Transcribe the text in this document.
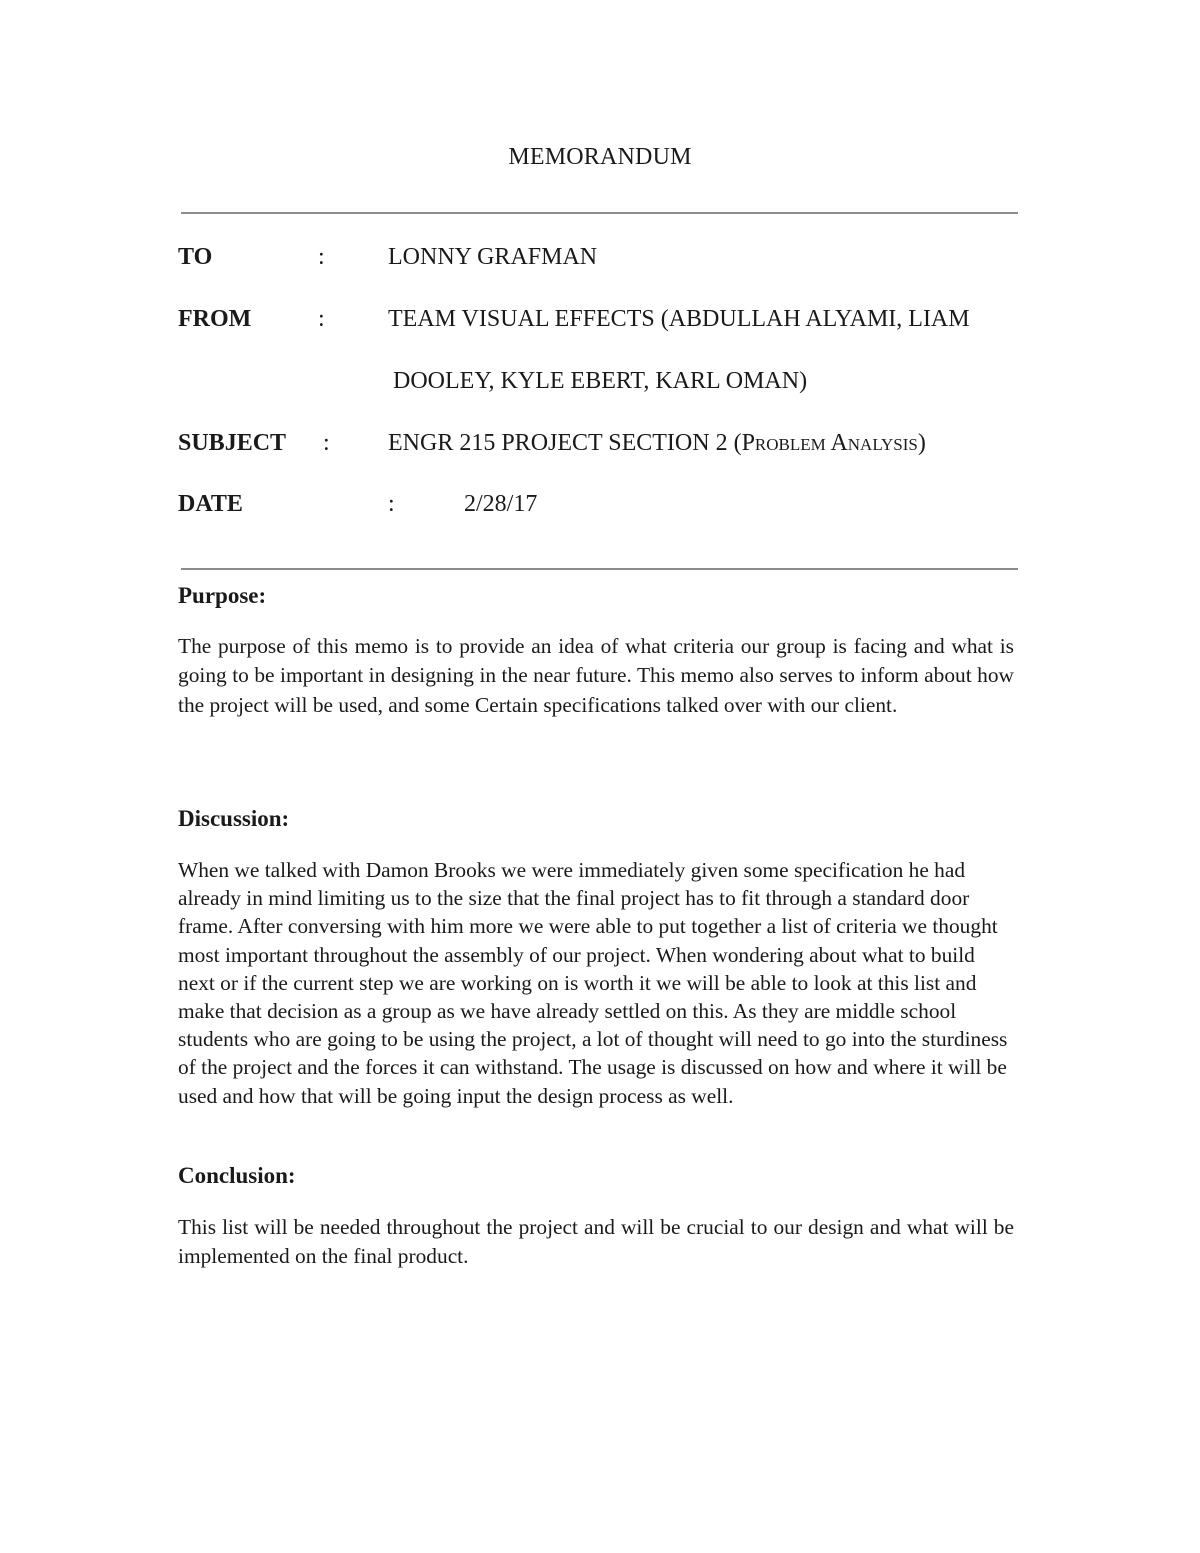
MEMORANDUM
TO	:	LONNY GRAFMAN
FROM	:	TEAM VISUAL EFFECTS (ABDULLAH ALYAMI, LIAM
DOOLEY, KYLE EBERT, KARL OMAN)
SUBJECT : ENGR 215 PROJECT SECTION 2 (Problem Analysis)
DATE	:	2/28/17
Purpose:

The purpose of this memo is to provide an idea of what criteria our group is facing and what is going to be important in designing in the near future. This memo also serves to inform about how the project will be used, and some Certain specifications talked over with our client.

Discussion:

When we talked with Damon Brooks we were immediately given some specification he had already in mind limiting us to the size that the final project has to fit through a standard door frame. After conversing with him more we were able to put together a list of criteria we thought most important throughout the assembly of our project. When wondering about what to build next or if the current step we are working on is worth it we will be able to look at this list and make that decision as a group as we have already settled on this. As they are middle school students who are going to be using the project, a lot of thought will need to go into the sturdiness of the project and the forces it can withstand. The usage is discussed on how and where it will be used and how that will be going input the design process as well.

Conclusion:

This list will be needed throughout the project and will be crucial to our design and what will be implemented on the final product.
